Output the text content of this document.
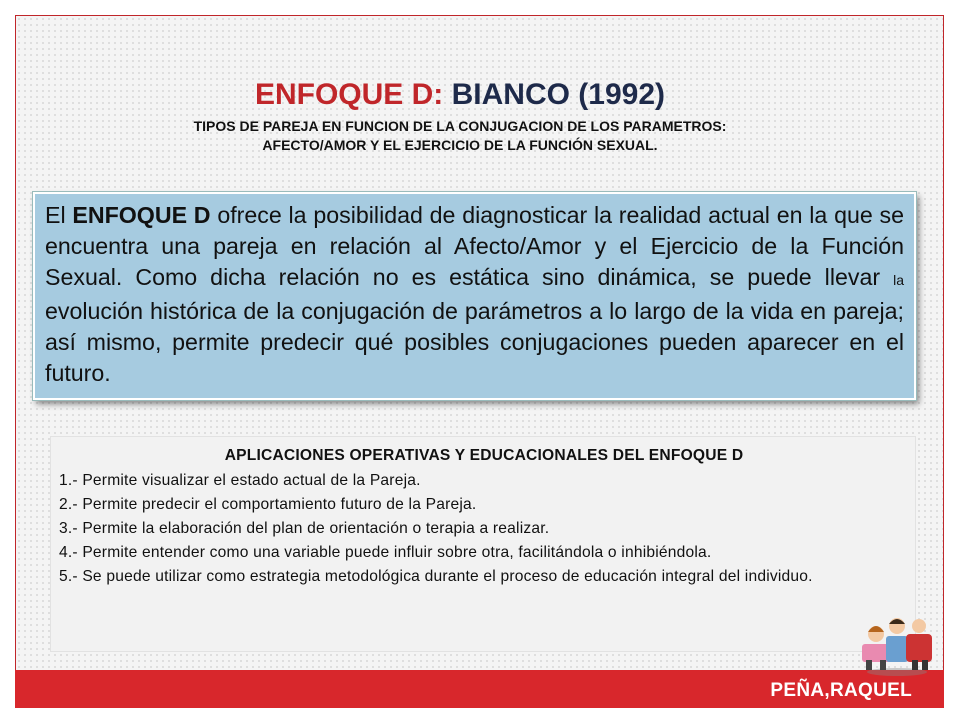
ENFOQUE D: BIANCO (1992)
TIPOS DE PAREJA EN FUNCION DE LA CONJUGACION DE LOS PARAMETROS:
AFECTO/AMOR Y EL EJERCICIO DE LA FUNCIÓN SEXUAL.
El ENFOQUE D ofrece la posibilidad de diagnosticar la realidad actual en la que se encuentra una pareja en relación al Afecto/Amor y el Ejercicio de la Función Sexual. Como dicha relación no es estática sino dinámica, se puede llevar la evolución histórica de la conjugación de parámetros a lo largo de la vida en pareja; así mismo, permite predecir qué posibles conjugaciones pueden aparecer en el futuro.
APLICACIONES OPERATIVAS Y EDUCACIONALES DEL ENFOQUE D
1.- Permite visualizar el estado actual de la Pareja.
2.- Permite predecir el comportamiento futuro de la Pareja.
3.- Permite la elaboración del plan de orientación o terapia a realizar.
4.- Permite entender como una variable puede influir sobre otra, facilitándola o inhibiéndola.
5.- Se puede utilizar como estrategia metodológica durante el proceso de educación integral del individuo.
PEÑA,RAQUEL
